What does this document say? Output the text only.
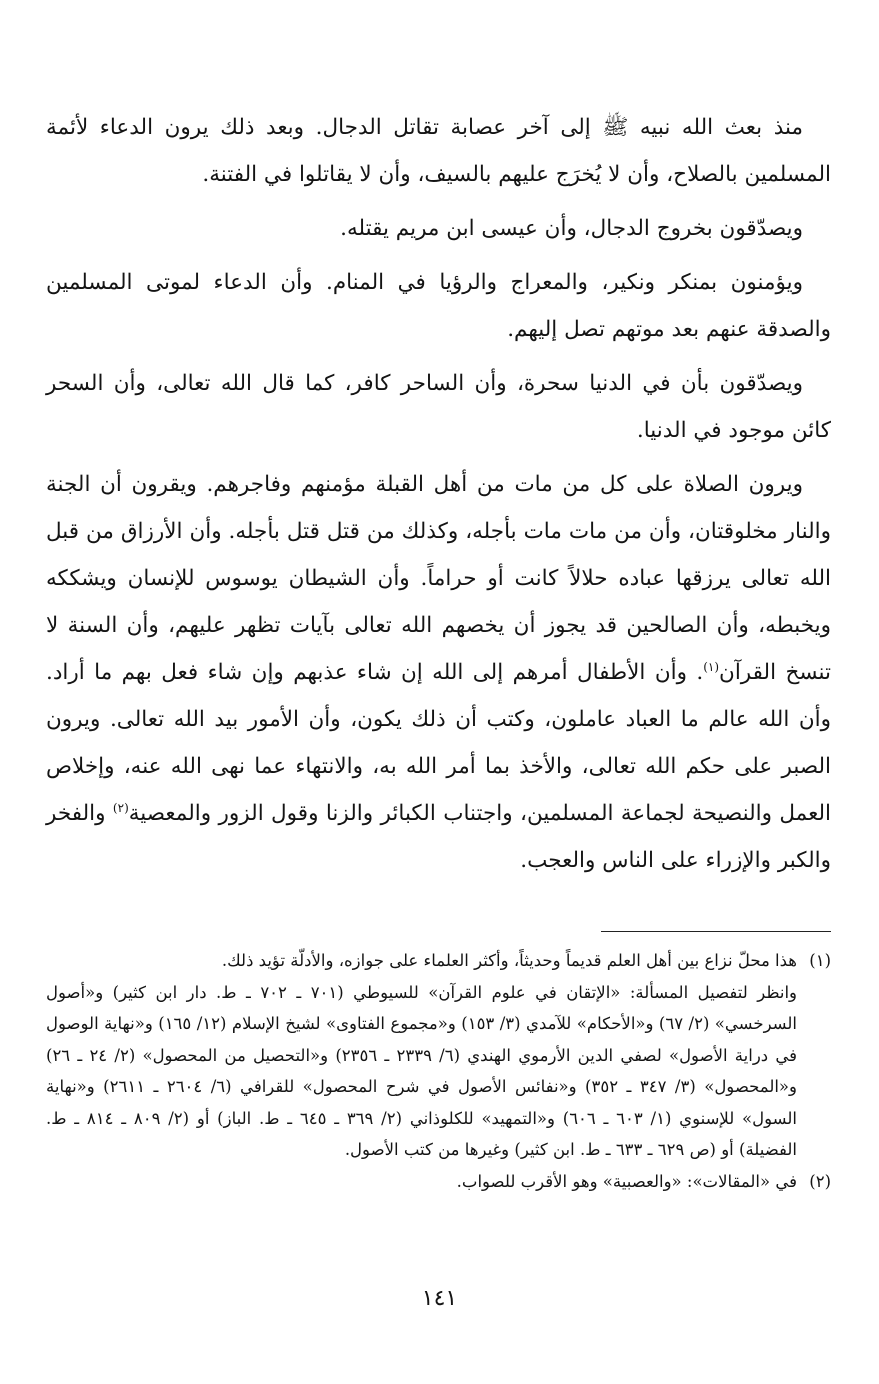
منذ بعث الله نبيه ﷺ إلى آخر عصابة تقاتل الدجال. وبعد ذلك يرون الدعاء لأئمة المسلمين بالصلاح، وأن لا يُخرَج عليهم بالسيف، وأن لا يقاتلوا في الفتنة.

ويصدّقون بخروج الدجال، وأن عيسى ابن مريم يقتله.

ويؤمنون بمنكر ونكير، والمعراج والرؤيا في المنام. وأن الدعاء لموتى المسلمين والصدقة عنهم بعد موتهم تصل إليهم.

ويصدّقون بأن في الدنيا سحرة، وأن الساحر كافر، كما قال الله تعالى، وأن السحر كائن موجود في الدنيا.

ويرون الصلاة على كل من مات من أهل القبلة مؤمنهم وفاجرهم. ويقرون أن الجنة والنار مخلوقتان، وأن من مات مات بأجله، وكذلك من قتل قتل بأجله. وأن الأرزاق من قبل الله تعالى يرزقها عباده حلالاً كانت أو حراماً. وأن الشيطان يوسوس للإنسان ويشككه ويخبطه، وأن الصالحين قد يجوز أن يخصهم الله تعالى بآيات تظهر عليهم، وأن السنة لا تنسخ القرآن$^{(١)}$. وأن الأطفال أمرهم إلى الله إن شاء عذبهم وإن شاء فعل بهم ما أراد. وأن الله عالم ما العباد عاملون، وكتب أن ذلك يكون، وأن الأمور بيد الله تعالى. ويرون الصبر على حكم الله تعالى، والأخذ بما أمر الله به، والانتهاء عما نهى الله عنه، وإخلاص العمل والنصيحة لجماعة المسلمين، واجتناب الكبائر والزنا وقول الزور والمعصية$^{(٢)}$ والفخر والكبر والإزراء على الناس والعجب.

(١)
هذا محلّ نزاع بين أهل العلم قديماً وحديثاً، وأكثر العلماء على جوازه، والأدلّة تؤيد ذلك.
وانظر لتفصيل المسألة: «الإتقان في علوم القرآن» للسيوطي (٧٠١ ـ ٧٠٢ ـ ط. دار ابن كثير) و«أصول السرخسي» (٢/ ٦٧) و«الأحكام» للآمدي (٣/ ١٥٣) و«مجموع الفتاوى» لشيخ الإسلام (١٢/ ١٦٥) و«نهاية الوصول في دراية الأصول» لصفي الدين الأرموي الهندي (٦/ ٢٣٣٩ ـ ٢٣٥٦) و«التحصيل من المحصول» (٢/ ٢٤ ـ ٢٦) و«المحصول» (٣/ ٣٤٧ ـ ٣٥٢) و«نفائس الأصول في شرح المحصول» للقرافي (٦/ ٢٦٠٤ ـ ٢٦١١) و«نهاية السول» للإسنوي (١/ ٦٠٣ ـ ٦٠٦) و«التمهيد» للكلوذاني (٢/ ٣٦٩ ـ ٦٤٥ ـ ط. الباز) أو (٢/ ٨٠٩ ـ ٨١٤ ـ ط. الفضيلة) أو (ص ٦٢٩ ـ ٦٣٣ ـ ط. ابن كثير) وغيرها من كتب الأصول.
(٢)
في «المقالات»: «والعصبية» وهو الأقرب للصواب.
١٤١
